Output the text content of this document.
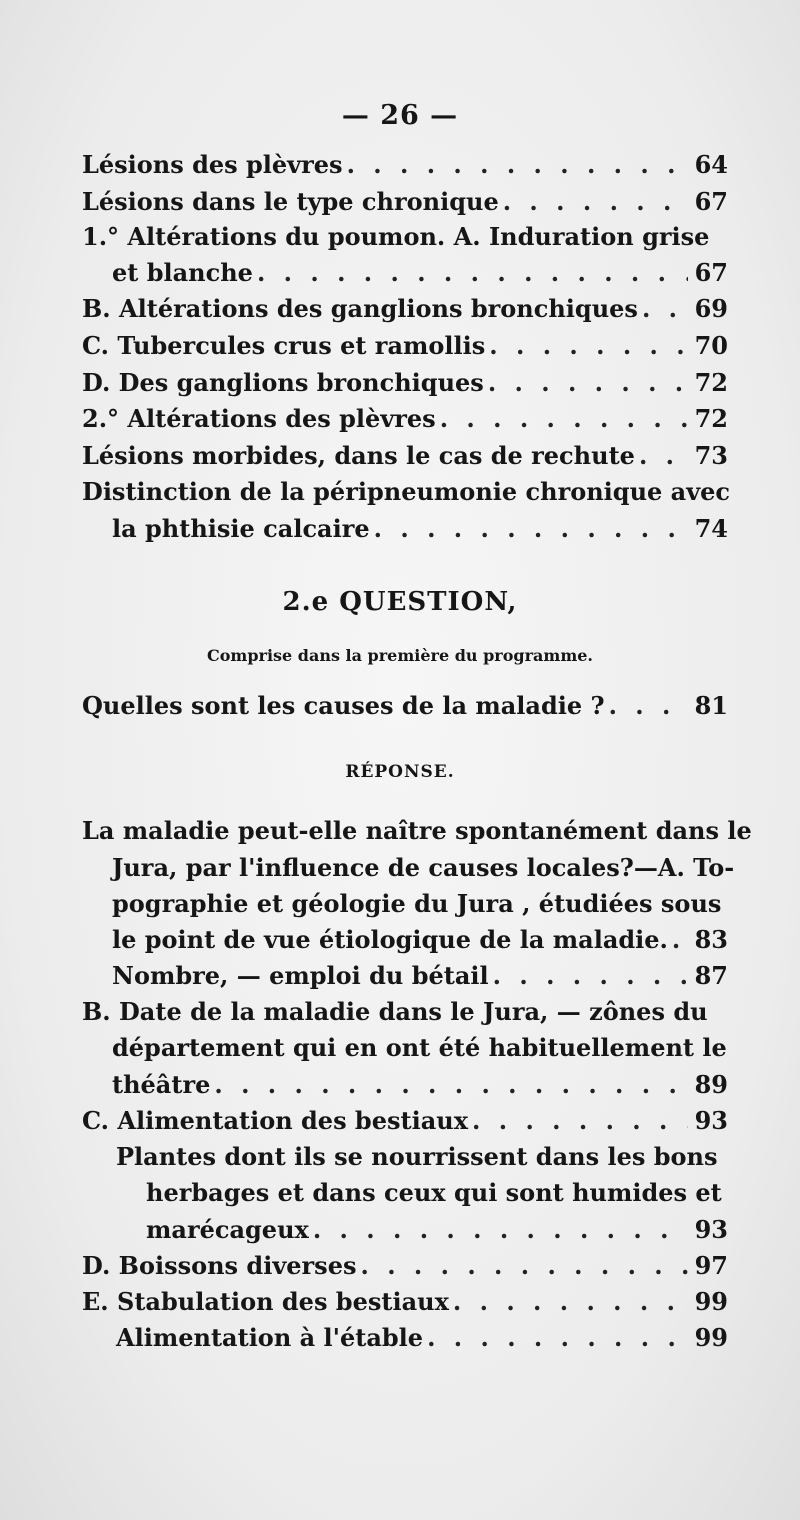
— 26 —
Lésions des plèvres . . .	64
Lésions dans le type chronique . . .	67
1.° Altérations du poumon. A. Induration grise
et blanche . . .	67
B. Altérations des ganglions bronchiques . . . 69
C. Tubercules crus et ramollis . . .	70
D. Des ganglions bronchiques . . .	72
2.° Altérations des plèvres . . .	72
Lésions morbides, dans le cas de rechute . . . 73
Distinction de la péripneumonie chronique avec
la phthisie calcaire . . .	74
2.e QUESTION,
Comprise dans la première du programme.
Quelles sont les causes de la maladie ? . . .	81
RÉPONSE.
La maladie peut-elle naître spontanément dans le
Jura, par l'influence de causes locales?—A. To-
pographie et géologie du Jura , étudiées sous
le point de vue étiologique de la maladie. . . . 83
Nombre, — emploi du bétail . . .	87
B. Date de la maladie dans le Jura, — zônes du
département qui en ont été habituellement le
théâtre . . .	89
C. Alimentation des bestiaux . . .	93
Plantes dont ils se nourrissent dans les bons
herbages et dans ceux qui sont humides et
marécageux . . .	93
D. Boissons diverses . . .	97
E. Stabulation des bestiaux . . .	99
Alimentation à l'étable . . .	99
